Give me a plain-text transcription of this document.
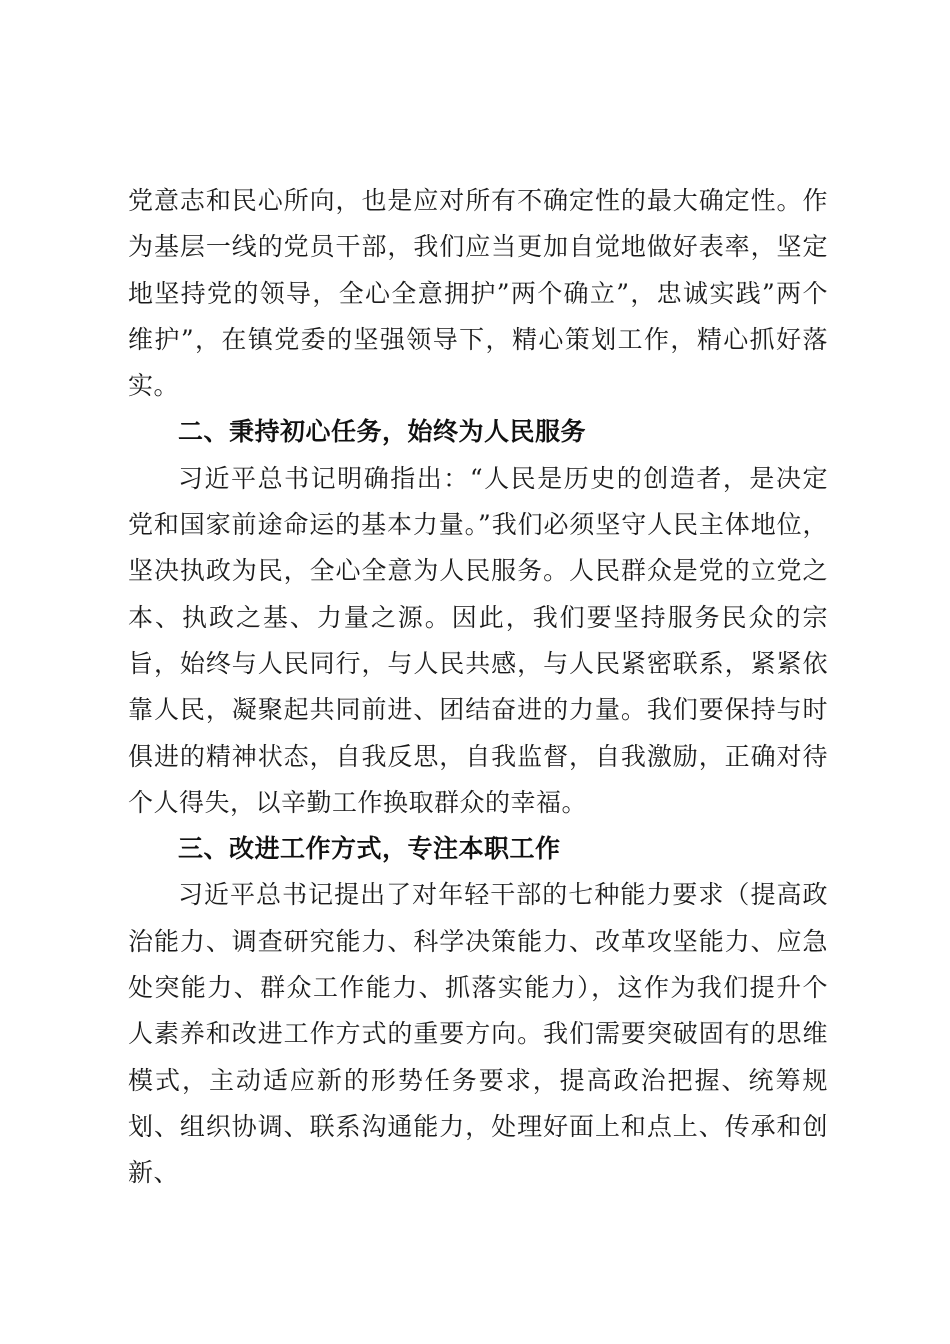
党意志和民心所向，也是应对所有不确定性的最大确定性。作为基层一线的党员干部，我们应当更加自觉地做好表率，坚定地坚持党的领导，全心全意拥护”两个确立”，忠诚实践”两个维护”，在镇党委的坚强领导下，精心策划工作，精心抓好落实。

二、秉持初心任务，始终为人民服务

习近平总书记明确指出：“人民是历史的创造者，是决定党和国家前途命运的基本力量。”我们必须坚守人民主体地位，坚决执政为民，全心全意为人民服务。人民群众是党的立党之本、执政之基、力量之源。因此，我们要坚持服务民众的宗旨，始终与人民同行，与人民共感，与人民紧密联系，紧紧依靠人民，凝聚起共同前进、团结奋进的力量。我们要保持与时俱进的精神状态，自我反思，自我监督，自我激励，正确对待个人得失，以辛勤工作换取群众的幸福。

三、改进工作方式，专注本职工作

习近平总书记提出了对年轻干部的七种能力要求（提高政治能力、调查研究能力、科学决策能力、改革攻坚能力、应急处突能力、群众工作能力、抓落实能力），这作为我们提升个人素养和改进工作方式的重要方向。我们需要突破固有的思维模式，主动适应新的形势任务要求，提高政治把握、统筹规划、组织协调、联系沟通能力，处理好面上和点上、传承和创新、
